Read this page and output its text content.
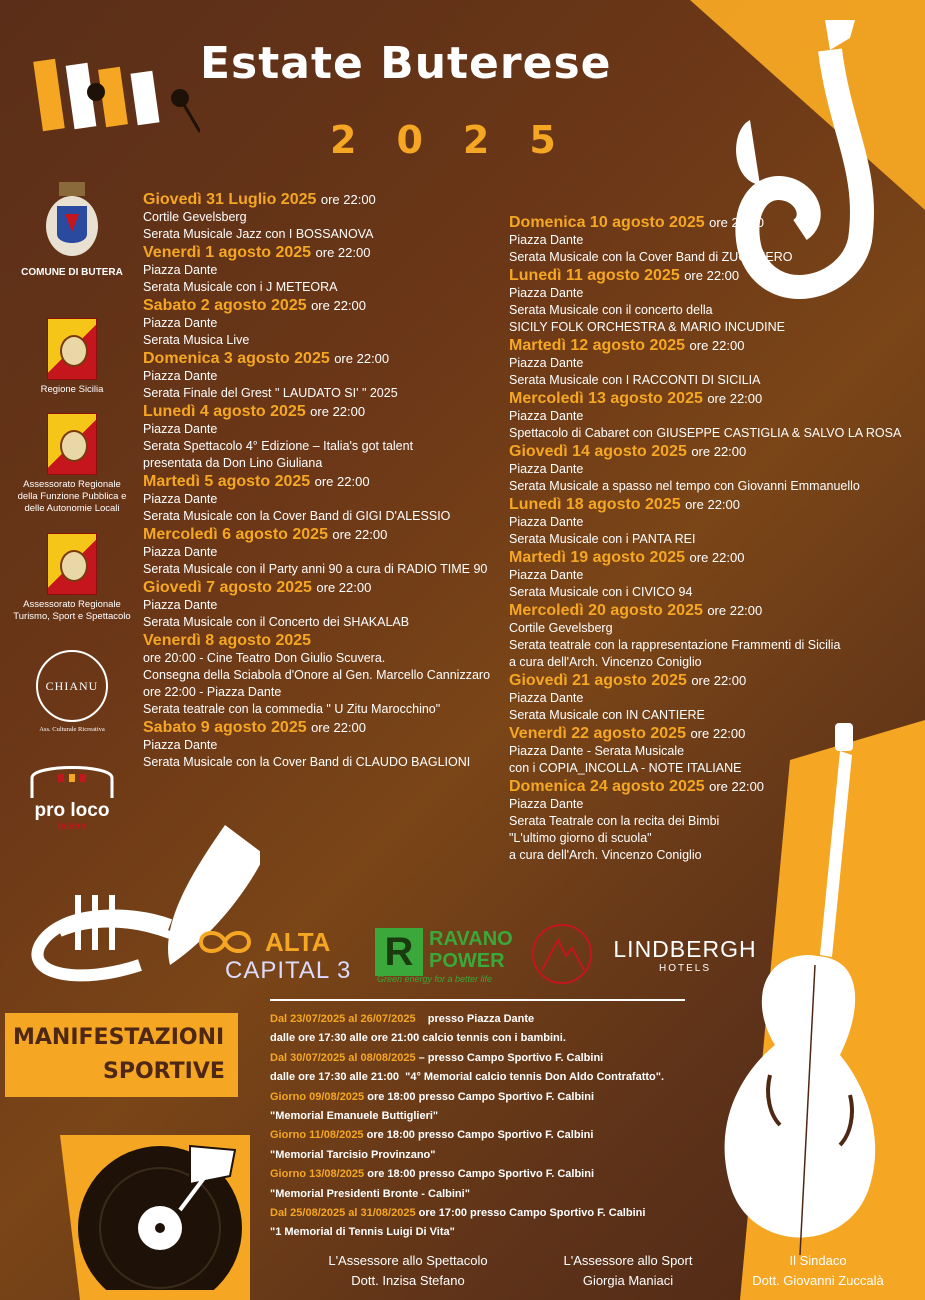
Estate Buterese
2025
COMUNE DI BUTERA
Regione Sicilia
Assessorato Regionale della Funzione Pubblica e delle Autonomie Locali
Assessorato Regionale Turismo, Sport e Spettacolo
CHIANU
Ass. Culturale Ricreativa
pro loco
butera
Giovedì 31 Luglio 2025 ore 22:00
Cortile Gevelsberg
Serata Musicale Jazz con I BOSSANOVA
Venerdì 1 agosto 2025 ore 22:00
Piazza Dante
Serata Musicale con i J METEORA
Sabato 2 agosto 2025 ore 22:00
Piazza Dante
Serata Musica Live
Domenica 3 agosto 2025 ore 22:00
Piazza Dante
Serata Finale del Grest " LAUDATO SI' " 2025
Lunedì 4 agosto 2025 ore 22:00
Piazza Dante
Serata Spettacolo 4° Edizione – Italia's got talent
presentata da Don Lino Giuliana
Martedì 5 agosto 2025 ore 22:00
Piazza Dante
Serata Musicale con la Cover Band di GIGI D'ALESSIO
Mercoledì 6 agosto 2025 ore 22:00
Piazza Dante
Serata Musicale con il Party anni 90 a cura di RADIO TIME 90
Giovedì 7 agosto 2025 ore 22:00
Piazza Dante
Serata Musicale con il Concerto dei SHAKALAB
Venerdì 8 agosto 2025
ore 20:00 - Cine Teatro Don Giulio Scuvera.
Consegna della Sciabola d'Onore al Gen. Marcello Cannizzaro
ore 22:00 - Piazza Dante
Serata teatrale con la commedia " U Zitu Marocchino"
Sabato 9 agosto 2025 ore 22:00
Piazza Dante
Serata Musicale con la Cover Band di CLAUDO BAGLIONI
Domenica 10 agosto 2025 ore 22:00
Piazza Dante
Serata Musicale con la Cover Band di ZUCCHERO
Lunedì 11 agosto 2025 ore 22:00
Piazza Dante
Serata Musicale con il concerto della
SICILY FOLK ORCHESTRA & MARIO INCUDINE
Martedì 12 agosto 2025 ore 22:00
Piazza Dante
Serata Musicale con I RACCONTI DI SICILIA
Mercoledì 13 agosto 2025 ore 22:00
Piazza Dante
Spettacolo di Cabaret con GIUSEPPE CASTIGLIA & SALVO LA ROSA
Giovedì 14 agosto 2025 ore 22:00
Piazza Dante
Serata Musicale a spasso nel tempo con Giovanni Emmanuello
Lunedì 18 agosto 2025 ore 22:00
Piazza Dante
Serata Musicale con i PANTA REI
Martedì 19 agosto 2025 ore 22:00
Piazza Dante
Serata Musicale con i CIVICO 94
Mercoledì 20 agosto 2025 ore 22:00
Cortile Gevelsberg
Serata teatrale con la rappresentazione Frammenti di Sicilia
a cura dell'Arch. Vincenzo Coniglio
Giovedì 21 agosto 2025 ore 22:00
Piazza Dante
Serata Musicale con IN CANTIERE
Venerdì 22 agosto 2025 ore 22:00
Piazza Dante - Serata Musicale
con i COPIA_INCOLLA - NOTE ITALIANE
Domenica 24 agosto 2025 ore 22:00
Piazza Dante
Serata Teatrale con la recita dei Bimbi
"L'ultimo giorno di scuola"
a cura dell'Arch. Vincenzo Coniglio
ALTA
CAPITAL 3 R RAVANO
POWER
Green energy for a better life
LINDBERGH
HOTELS
MANIFESTAZIONI
SPORTIVE
Dal 23/07/2025 al 26/07/2025    presso Piazza Dante
dalle ore 17:30 alle ore 21:00 calcio tennis con i bambini.
Dal 30/07/2025 al 08/08/2025 – presso Campo Sportivo F. Calbini
dalle ore 17:30 alle 21:00  "4° Memorial calcio tennis Don Aldo Contrafatto".
Giorno 09/08/2025 ore 18:00 presso Campo Sportivo F. Calbini
"Memorial Emanuele Buttiglieri"
Giorno 11/08/2025 ore 18:00 presso Campo Sportivo F. Calbini
"Memorial Tarcisio Provinzano"
Giorno 13/08/2025 ore 18:00 presso Campo Sportivo F. Calbini
"Memorial Presidenti Bronte - Calbini"
Dal 25/08/2025 al 31/08/2025 ore 17:00 presso Campo Sportivo F. Calbini
"1 Memorial di Tennis Luigi Di Vita"
L'Assessore allo Spettacolo
Dott. Inzisa Stefano
L'Assessore allo Sport
Giorgia Maniaci
Il Sindaco
Dott. Giovanni Zuccalà
